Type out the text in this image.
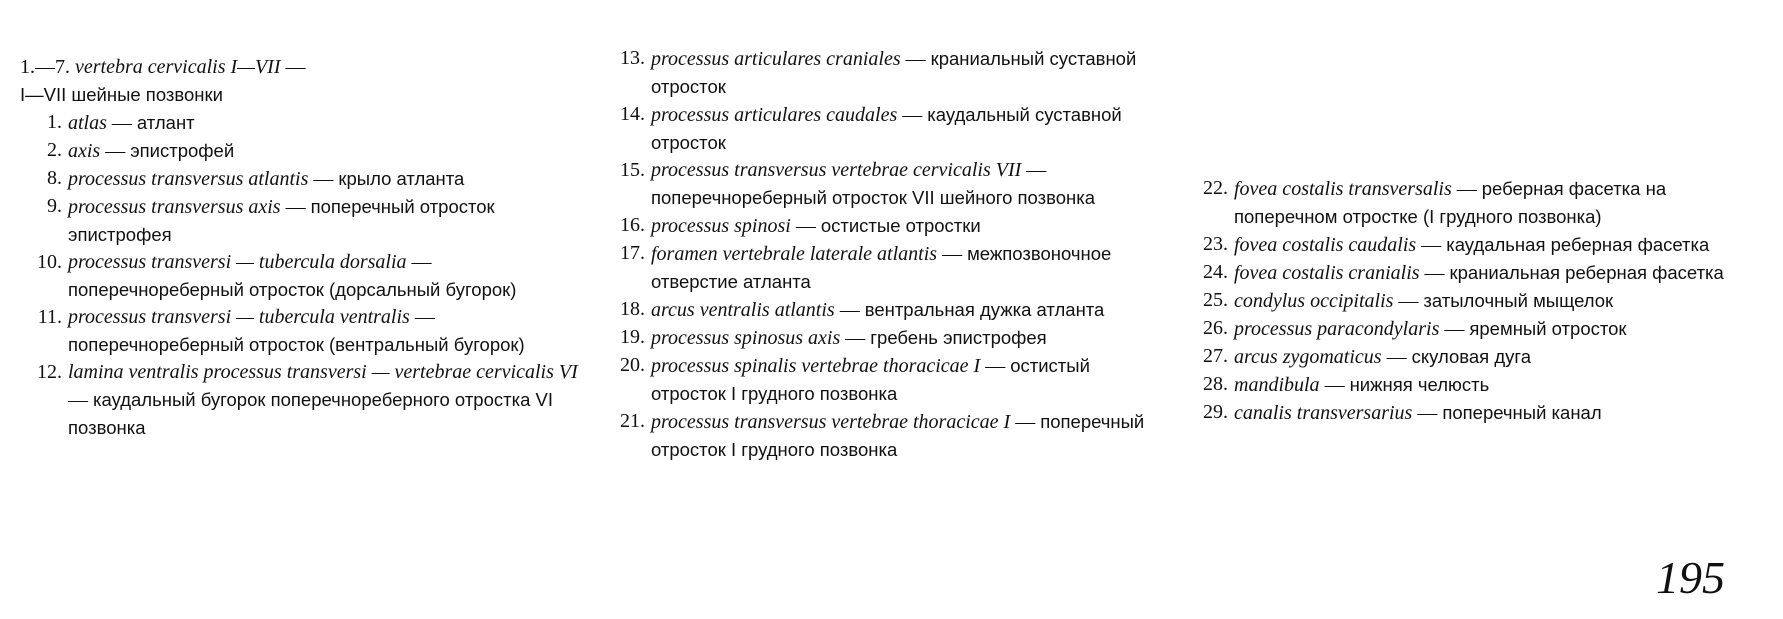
1.—7. vertebra cervicalis I—VII —
I—VII шейные позвонки
1. atlas — атлант
2. axis — эпистрофей
8. processus transversus atlantis — крыло атланта
9. processus transversus axis — поперечный отросток эпистрофея
10. processus transversi — tubercula dorsalia — поперечнореберный отросток (дорсальный бугорок)
11. processus transversi — tubercula ventralis — поперечнореберный отросток (вентральный бугорок)
12. lamina ventralis processus transversi — vertebrae cervicalis VI — каудальный бугорок поперечнореберного отростка VI позвонка
13. processus articulares craniales — краниальный суставной отросток
14. processus articulares caudales — каудальный суставной отросток
15. processus transversus vertebrae cervicalis VII — поперечнореберный отросток VII шейного позвонка
16. processus spinosi — остистые отростки
17. foramen vertebrale laterale atlantis — межпозвоночное отверстие атланта
18. arcus ventralis atlantis — вентральная дужка атланта
19. processus spinosus axis — гребень эпистрофея
20. processus spinalis vertebrae thoracicae I — остистый отросток I грудного позвонка
21. processus transversus vertebrae thoracicae I — поперечный отросток I грудного позвонка
22. fovea costalis transversalis — реберная фасетка на поперечном отростке (I грудного позвонка)
23. fovea costalis caudalis — каудальная реберная фасетка
24. fovea costalis cranialis — краниальная реберная фасетка
25. condylus occipitalis — затылочный мыщелок
26. processus paracondylaris — яремный отросток
27. arcus zygomaticus — скуловая дуга
28. mandibula — нижняя челюсть
29. canalis transversarius — поперечный канал
195
